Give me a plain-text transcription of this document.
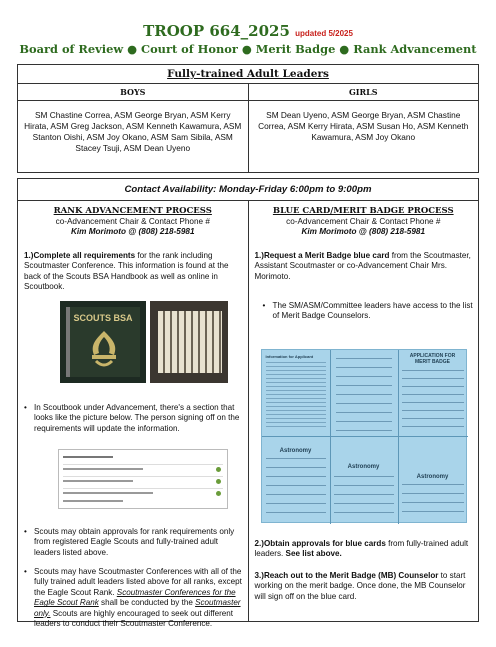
TROOP 664_2025 updated 5/2025
Board of Review ● Court of Honor ● Merit Badge ● Rank Advancement
Fully-trained Adult Leaders
BOYS
SM Chastine Correa, ASM George Bryan, ASM Kerry Hirata, ASM Greg Jackson, ASM Kenneth Kawamura, ASM Stanton Oishi, ASM Joy Okano, ASM Sam Sibila, ASM Stacey Tsuji, ASM Dean Uyeno
GIRLS
SM Dean Uyeno, ASM George Bryan, ASM Chastine Correa, ASM Kerry Hirata, ASM Susan Ho, ASM Kenneth Kawamura, ASM Joy Okano
Contact Availability: Monday-Friday 6:00pm to 9:00pm
RANK ADVANCEMENT PROCESS
co-Advancement Chair & Contact Phone #
Kim Morimoto @ (808) 218-5981
1.)Complete all requirements for the rank including Scoutmaster Conference. This information is found at the back of the Scouts BSA Handbook as well as online in Scoutbook.
SCOUTS BSA
• In Scoutbook under Advancement, there's a section that looks like the picture below. The person signing off on the requirements will update the information.
• Scouts may obtain approvals for rank requirements only from registered Eagle Scouts and fully-trained adult leaders listed above.
• Scouts may have Scoutmaster Conferences with all of the fully trained adult leaders listed above for all ranks, except the Eagle Scout Rank. Scoutmaster Conferences for the Eagle Scout Rank shall be conducted by the Scoutmaster only. Scouts are highly encouraged to seek out different leaders to conduct their Scoutmaster Conference.
BLUE CARD/MERIT BADGE PROCESS
co-Advancement Chair & Contact Phone #
Kim Morimoto @ (808) 218-5981
1.)Request a Merit Badge blue card from the Scoutmaster, Assistant Scoutmaster or co-Advancement Chair Mrs. Morimoto.
• The SM/ASM/Committee leaders have access to the list of Merit Badge Counselors.
Information for Applicant	APPLICATION FOR MERIT BADGE
Astronomy
Astronomy
Astronomy
2.)Obtain approvals for blue cards from fully-trained adult leaders. See list above.
3.)Reach out to the Merit Badge (MB) Counselor to start working on the merit badge. Once done, the MB Counselor will sign off on the blue card.
